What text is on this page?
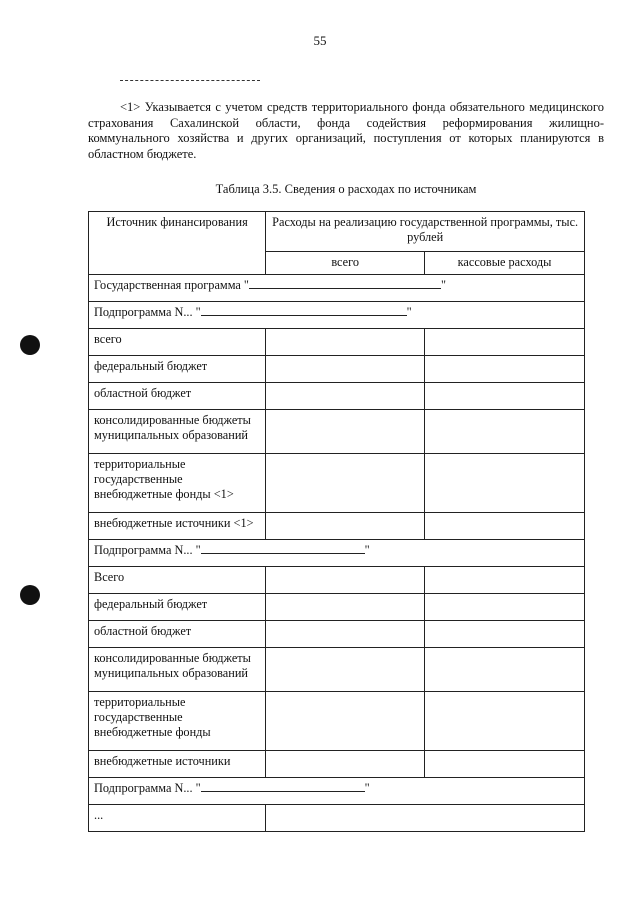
55
<1> Указывается с учетом средств территориального фонда обязательного медицинского страхования Сахалинской области, фонда содействия реформирования жилищно-коммунального хозяйства и других организаций, поступления от которых планируются в областном бюджете.
Таблица 3.5. Сведения о расходах по источникам
Источник финансирования	Расходы на реализацию государственной программы, тыс. рублей	
	всего	кассовые расходы
Государственная программа " "		
Подпрограмма N... " "		
всего		
федеральный бюджет		
областной бюджет		
консолидированные бюджеты муниципальных образований		
территориальные государственные внебюджетные фонды <1>		
внебюджетные источники <1>		
Подпрограмма N... " "		
Всего		
федеральный бюджет		
областной бюджет		
консолидированные бюджеты муниципальных образований		
территориальные государственные внебюджетные фонды		
внебюджетные источники		
Подпрограмма N... " "		
...		
